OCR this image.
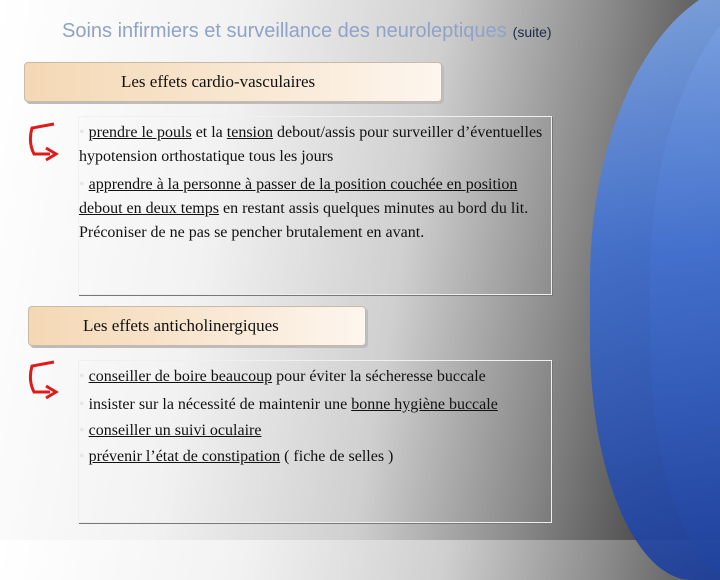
Soins infirmiers et surveillance des neuroleptiques (suite)
Les effets cardio-vasculaires

• prendre le pouls et la tension debout/assis pour surveiller d’éventuelles hypotension orthostatique tous les jours

• apprendre à la personne à passer de la position couchée en position debout en deux temps en restant assis quelques minutes au bord du lit. Préconiser de ne pas se pencher brutalement en avant.

Les effets anticholinergiques

• conseiller de boire beaucoup pour éviter la sécheresse buccale

• insister sur la nécessité de maintenir une bonne hygiène buccale

• conseiller un suivi oculaire

• prévenir l’état de constipation ( fiche de selles )
